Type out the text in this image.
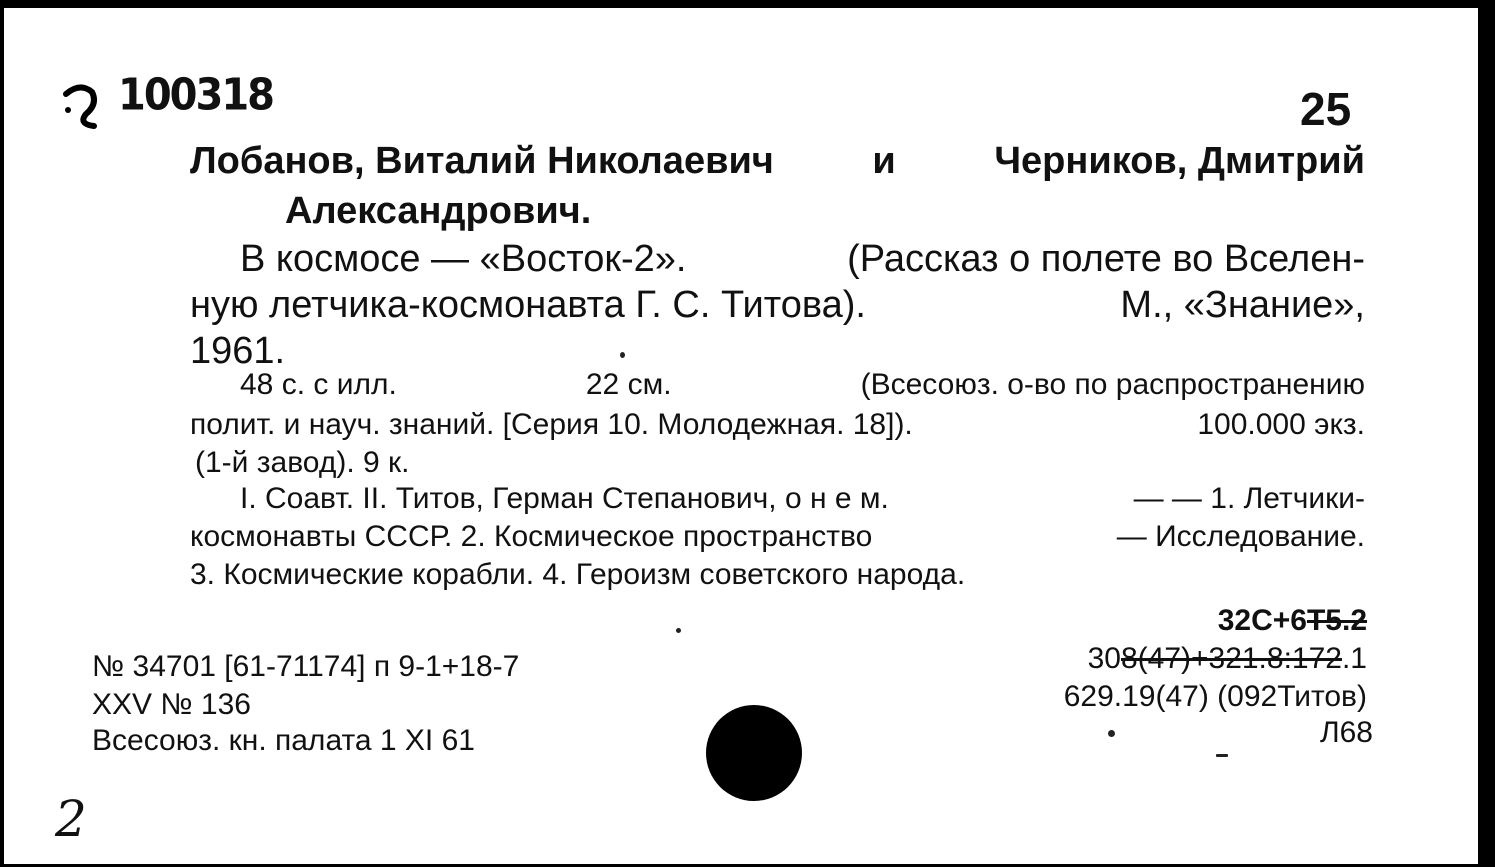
100318	25
Лобанов, Виталий Николаевич	и	Черников, Дмитрий
Александрович.
В космосе — «Восток-2».	(Рассказ о полете во Вселен-
ную летчика-космонавта Г. С. Титова).	М., «Знание»,
1961.
48 с. с илл.	22 см.	(Всесоюз. о-во по распространению
полит. и науч. знаний. [Серия 10. Молодежная. 18]).	100.000 экз.
(1-й завод). 9 к.
I. Соавт. II. Титов, Герман Степанович, о н е м.	— — 1. Летчики-
космонавты СССР. 2. Космическое пространство	— Исследование.
3. Космические корабли. 4. Героизм советского народа.
32С+6Т5.2
308(47)+321.8:172.1
629.19(47) (092Титов)
Л68
№ 34701 [61-71174] п 9-1+18-7
XXV № 136
Всесоюз. кн. палата 1 XI 61
2
